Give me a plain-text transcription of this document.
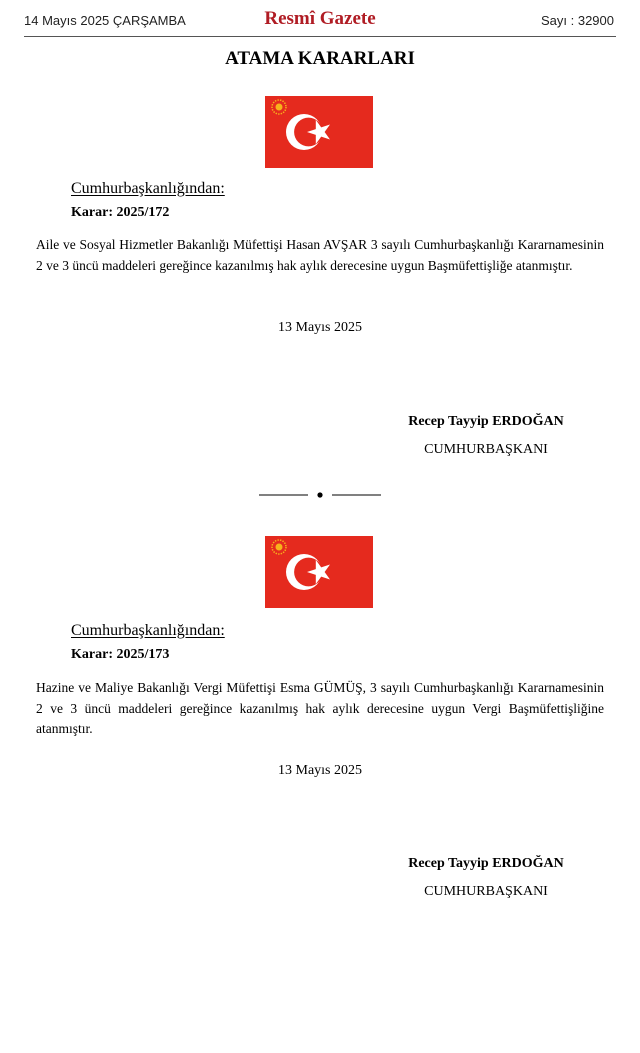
14 Mayıs 2025 ÇARŞAMBA	Resmî Gazete	Sayı : 32900
ATAMA KARARLARI
Cumhurbaşkanlığından:
Karar: 2025/172
Aile ve Sosyal Hizmetler Bakanlığı Müfettişi Hasan AVŞAR 3 sayılı Cumhurbaşkanlığı Kararnamesinin 2 ve 3 üncü maddeleri gereğince kazanılmış hak aylık derecesine uygun Başmüfettişliğe atanmıştır.
13 Mayıs 2025
Recep Tayyip ERDOĞAN
CUMHURBAŞKANI
Cumhurbaşkanlığından:
Karar: 2025/173
Hazine ve Maliye Bakanlığı Vergi Müfettişi Esma GÜMÜŞ, 3 sayılı Cumhurbaşkanlığı Kararnamesinin 2 ve 3 üncü maddeleri gereğince kazanılmış hak aylık derecesine uygun Vergi Başmüfettişliğine atanmıştır.
13 Mayıs 2025
Recep Tayyip ERDOĞAN
CUMHURBAŞKANI
